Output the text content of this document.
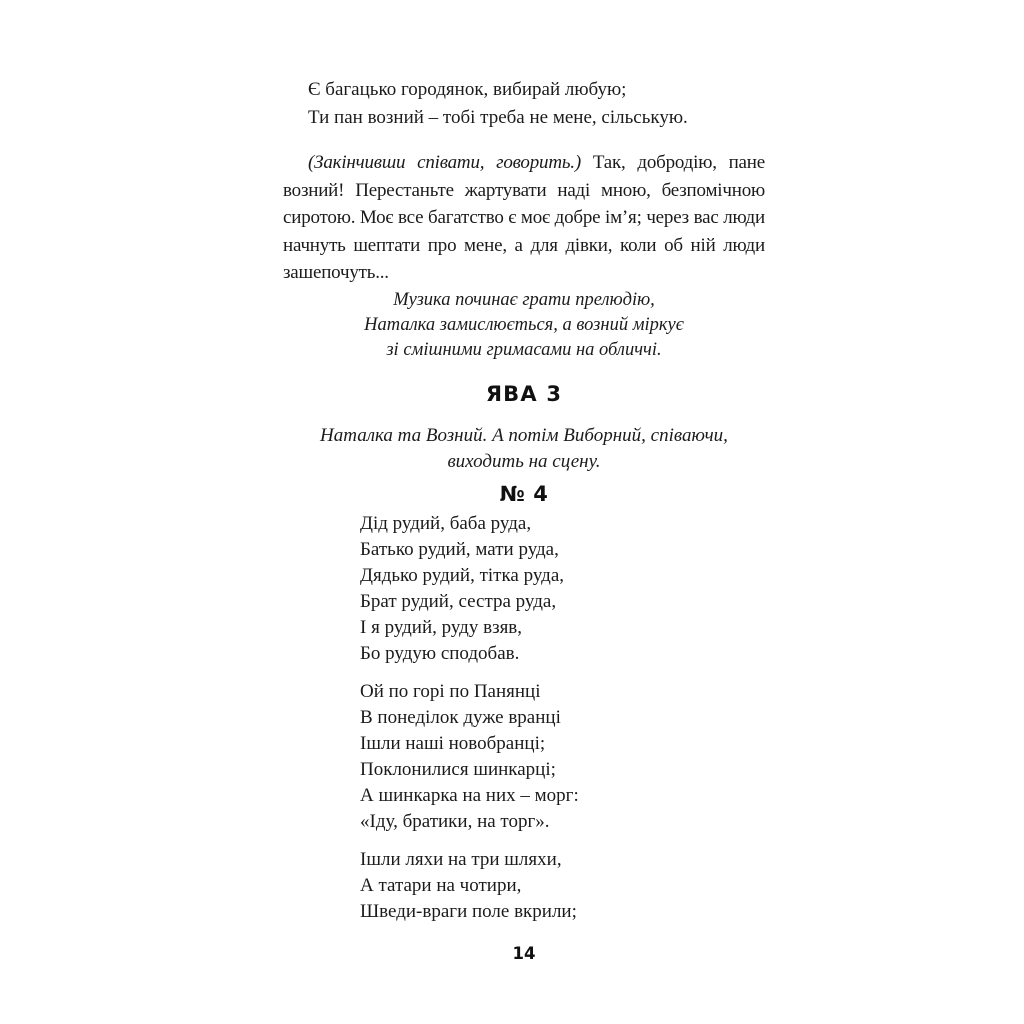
Є багацько городянок, вибирай любую;
Ти пан возний – тобі треба не мене, сільськую.
(Закінчивши співати, говорить.) Так, добродію, пане
возний! Перестаньте жартувати наді мною, безпомічною
сиротою. Моє все багатство є моє добре ім’я; через вас люди
начнуть шептати про мене, а для дівки, коли об ній люди
зашепочуть...
Музика починає грати прелюдію,
Наталка замислюється, а возний міркує
зі смішними гримасами на обличчі.
ЯВА 3
Наталка та Возний. А потім Виборний, співаючи,
виходить на сцену.
№ 4
Дід рудий, баба руда,
Батько рудий, мати руда,
Дядько рудий, тітка руда,
Брат рудий, сестра руда,
І я рудий, руду взяв,
Бо рудую сподобав.
Ой по горі по Панянці
В понеділок дуже вранці
Ішли наші новобранці;
Поклонилися шинкарці;
А шинкарка на них – морг:
«Іду, братики, на торг».
Ішли ляхи на три шляхи,
А татари на чотири,
Шведи-враги поле вкрили;
14
